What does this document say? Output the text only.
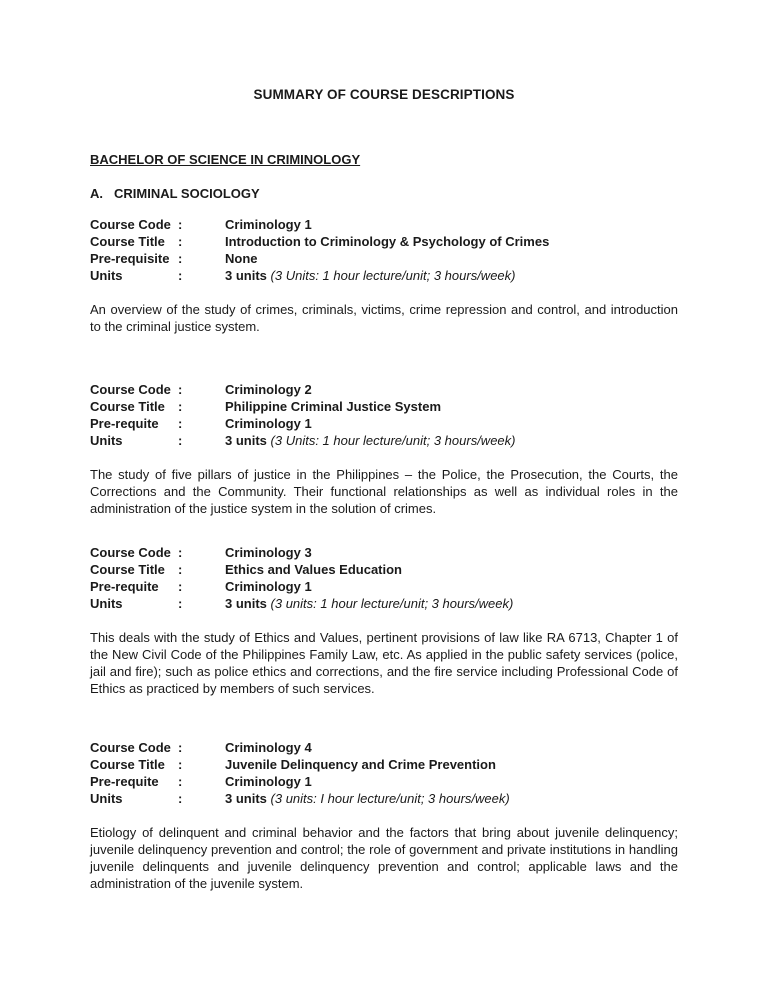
SUMMARY OF COURSE DESCRIPTIONS
BACHELOR OF SCIENCE IN CRIMINOLOGY
A. CRIMINAL SOCIOLOGY
Course Code :	Criminology 1
Course Title	:	Introduction to Criminology & Psychology of Crimes
Pre-requisite :	None
Units	:	3 units (3 Units: 1 hour lecture/unit; 3 hours/week)

An overview of the study of crimes, criminals, victims, crime repression and control, and introduction to the criminal justice system.

Course Code :	Criminology 2
Course Title	:	Philippine Criminal Justice System
Pre-requite	:	Criminology 1
Units	:	3 units (3 Units: 1 hour lecture/unit; 3 hours/week)

The study of five pillars of justice in the Philippines – the Police, the Prosecution, the Courts, the Corrections and the Community. Their functional relationships as well as individual roles in the administration of the justice system in the solution of crimes.

Course Code :	Criminology 3
Course Title	:	Ethics and Values Education
Pre-requite	:	Criminology 1
Units	:	3 units (3 units: 1 hour lecture/unit; 3 hours/week)

This deals with the study of Ethics and Values, pertinent provisions of law like RA 6713, Chapter 1 of the New Civil Code of the Philippines Family Law, etc. As applied in the public safety services (police, jail and fire); such as police ethics and corrections, and the fire service including Professional Code of Ethics as practiced by members of such services.

Course Code :	Criminology 4
Course Title	:	Juvenile Delinquency and Crime Prevention
Pre-requite	:	Criminology 1
Units	:	3 units (3 units: I hour lecture/unit; 3 hours/week)

Etiology of delinquent and criminal behavior and the factors that bring about juvenile delinquency; juvenile delinquency prevention and control; the role of government and private institutions in handling juvenile delinquents and juvenile delinquency prevention and control; applicable laws and the administration of the juvenile system.
